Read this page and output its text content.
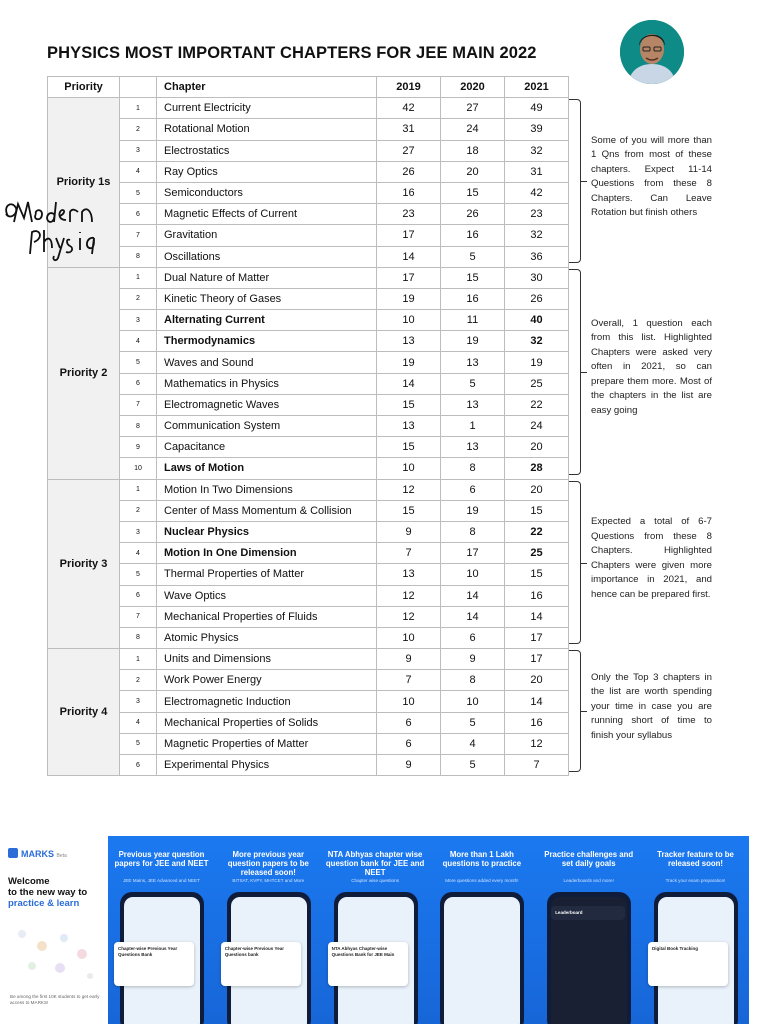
PHYSICS MOST IMPORTANT CHAPTERS FOR JEE MAIN 2022
Priority		Chapter	2019	2020	2021
Priority 1s	1	Current Electricity	42	27	49
	2	Rotational Motion	31	24	39
	3	Electrostatics	27	18	32
	4	Ray Optics	26	20	31
	5	Semiconductors	16	15	42
	6	Magnetic Effects of Current	23	26	23
	7	Gravitation	17	16	32
	8	Oscillations	14	5	36
Priority 2	1	Dual Nature of Matter	17	15	30
	2	Kinetic Theory of Gases	19	16	26
	3	Alternating Current	10	11	40
	4	Thermodynamics	13	19	32
	5	Waves and Sound	19	13	19
	6	Mathematics in Physics	14	5	25
	7	Electromagnetic Waves	15	13	22
	8	Communication System	13	1	24
	9	Capacitance	15	13	20
	10	Laws of Motion	10	8	28
Priority 3	1	Motion In Two Dimensions	12	6	20
	2	Center of Mass Momentum & Collision	15	19	15
	3	Nuclear Physics	9	8	22
	4	Motion In One Dimension	7	17	25
	5	Thermal Properties of Matter	13	10	15
	6	Wave Optics	12	14	16
	7	Mechanical Properties of Fluids	12	14	14
	8	Atomic Physics	10	6	17
Priority 4	1	Units and Dimensions	9	9	17
	2	Work Power Energy	7	8	20
	3	Electromagnetic Induction	10	10	14
	4	Mechanical Properties of Solids	6	5	16
	5	Magnetic Properties of Matter	6	4	12
	6	Experimental Physics	9	5	7
Some of you will more than 1 Qns from most of these chapters. Expect 11-14 Questions from these 8 Chapters. Can Leave Rotation but finish others
Overall, 1 question each from this list. Highlighted Chapters were asked very often in 2021, so can prepare them more. Most of the chapters in the list are easy going
Expected a total of 6-7 Questions from these 8 Chapters. Highlighted Chapters were given more importance in 2021, and hence can be prepared first.
Only the Top 3 chapters in the list are worth spending your time in case you are running short of time to finish your syllabus
MARKS Beta
Welcome
to the new way to
practice & learn
Be among the first 10K students to get early access to MARKS!
Previous year question papers for JEE and NEET
JEE Mains, JEE Advanced and NEET
Chapter-wise Previous Year Questions Bank
More previous year question papers to be released soon!
BITSAT, KVPY, MHTCET and More
Chapter-wise Previous Year Questions bank
NTA Abhyas chapter wise question bank for JEE and NEET
Chapter wise questions
NTA Abhyas Chapter-wise Questions Bank for JEE Main
More than 1 Lakh questions to practice
More questions added every month!
Practice challenges and set daily goals
Leaderboards and more!
Leaderboard
Tracker feature to be released soon!
Track your exam preparation!
Digital Book Tracking
